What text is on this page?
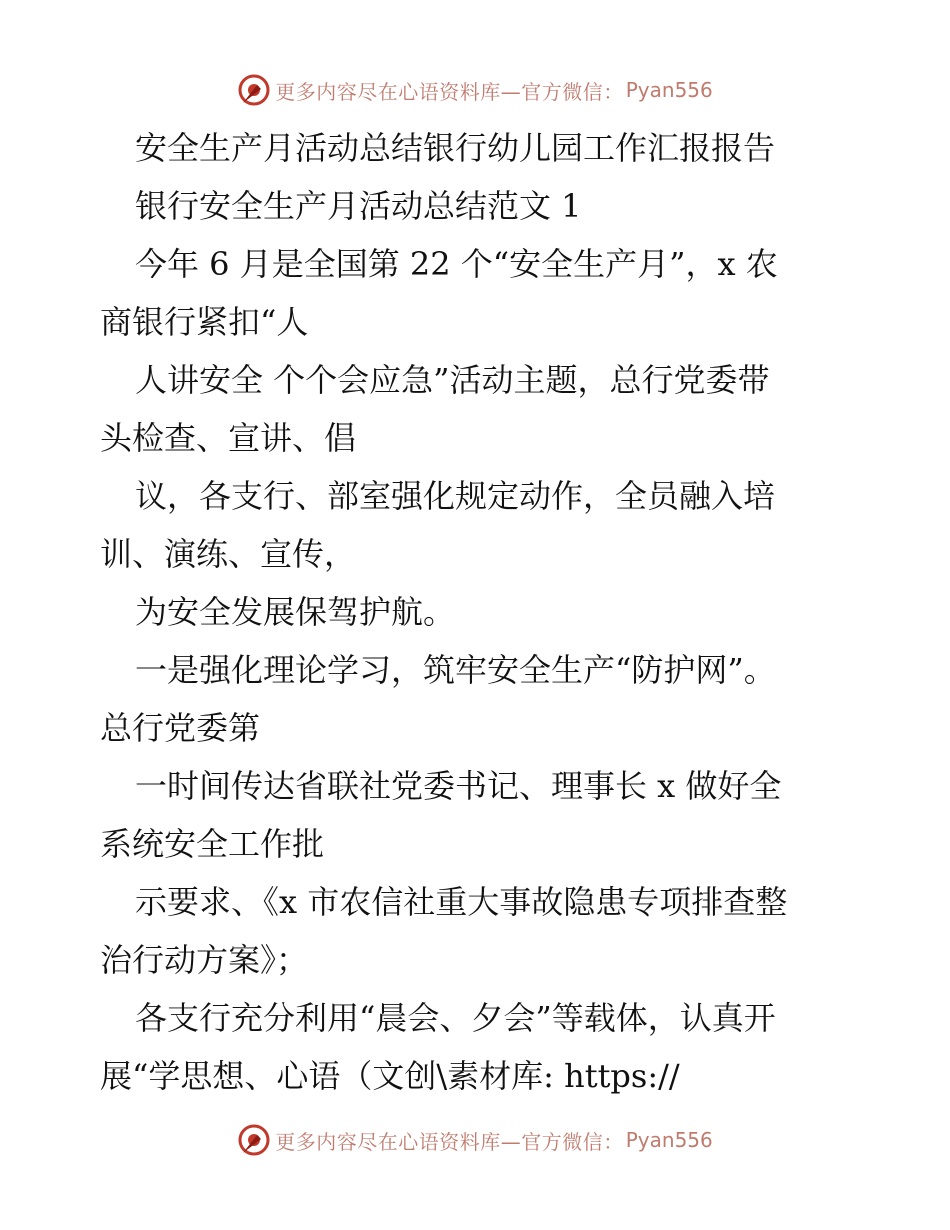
更多内容尽在心语资料库—官方微信： Pyan556
安全生产月活动总结银行幼儿园工作汇报报告
银行安全生产月活动总结范文 1
今年 6 月是全国第 22 个“安全生产月”，x 农
商银行紧扣“人
人讲安全 个个会应急”活动主题，总行党委带
头检查、宣讲、倡
议，各支行、部室强化规定动作，全员融入培
训、演练、宣传，
为安全发展保驾护航。
一是强化理论学习，筑牢安全生产“防护网”。
总行党委第
一时间传达省联社党委书记、理事长 x 做好全
系统安全工作批
示要求、《x 市农信社重大事故隐患专项排查整
治行动方案》；
各支行充分利用“晨会、夕会”等载体，认真开
展“学思想、心语（文创\素材库: https://
更多内容尽在心语资料库—官方微信： Pyan556
